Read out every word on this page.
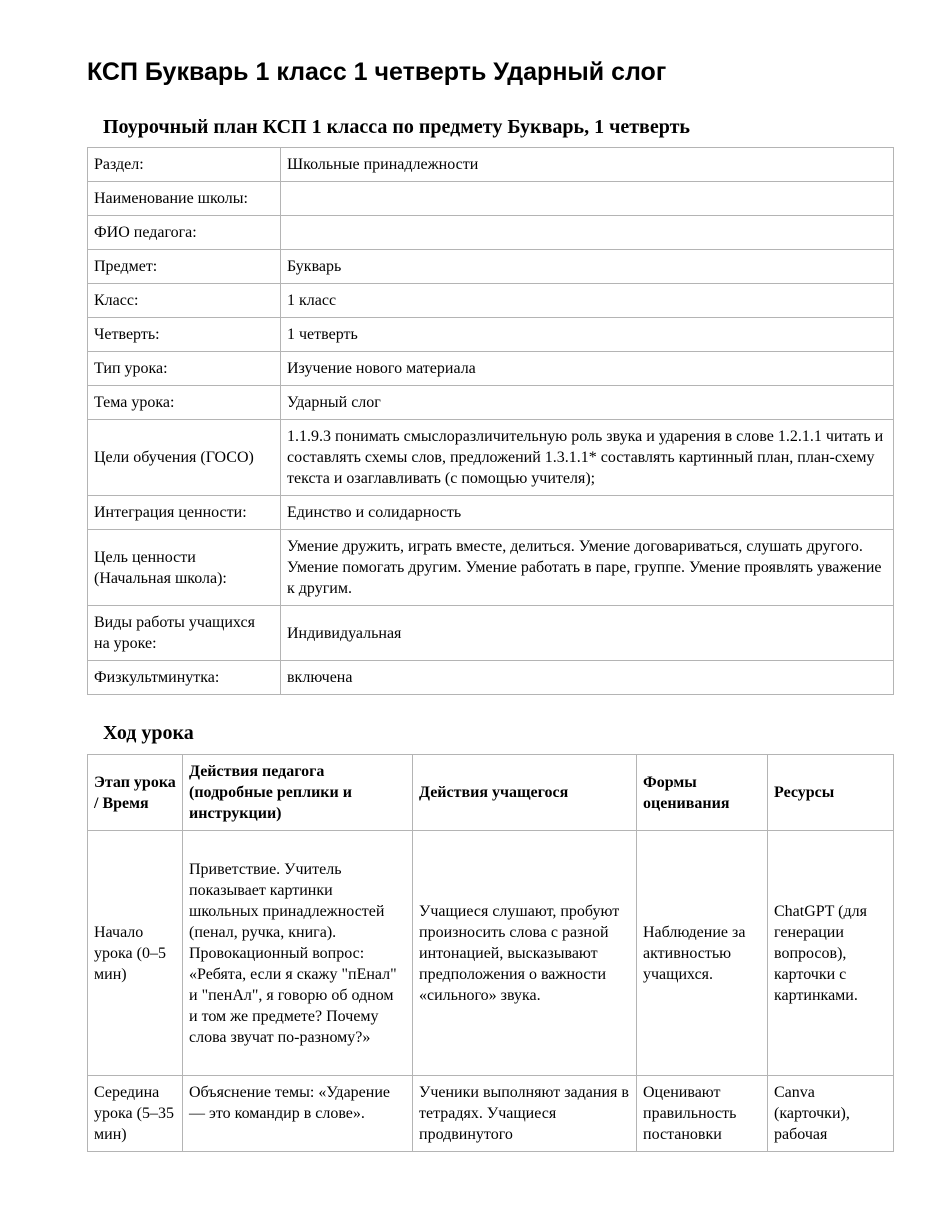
КСП Букварь 1 класс 1 четверть Ударный слог
Поурочный план КСП 1 класса по предмету Букварь, 1 четверть
Раздел:	Школьные принадлежности
Наименование школы:	
ФИО педагога:	
Предмет:	Букварь
Класс:	1 класс
Четверть:	1 четверть
Тип урока:	Изучение нового материала
Тема урока:	Ударный слог
Цели обучения (ГОСО)	1.1.9.3 понимать смыслоразличительную роль звука и ударения в слове 1.2.1.1 читать и составлять схемы слов, предложений 1.3.1.1* составлять картинный план, план-схему текста и озаглавливать (с помощью учителя);
Интеграция ценности:	Единство и солидарность
Цель ценности (Начальная школа):	Умение дружить, играть вместе, делиться. Умение договариваться, слушать другого. Умение помогать другим. Умение работать в паре, группе. Умение проявлять уважение к другим.
Виды работы учащихся на уроке:	Индивидуальная
Физкультминутка:	включена
Ход урока
Этап урока / Время	Действия педагога (подробные реплики и инструкции)	Действия учащегося	Формы оценивания	Ресурсы
Начало урока (0–5 мин)	Приветствие. Учитель показывает картинки школьных принадлежностей (пенал, ручка, книга). Провокационный вопрос: «Ребята, если я скажу "пЕнал" и "пенАл", я говорю об одном и том же предмете? Почему слова звучат по-разному?»	Учащиеся слушают, пробуют произносить слова с разной интонацией, высказывают предположения о важности «сильного» звука.	Наблюдение за активностью учащихся.	ChatGPT (для генерации вопросов), карточки с картинками.
Середина урока (5–35 мин)	Объяснение темы: «Ударение — это командир в слове».	Ученики выполняют задания в тетрадях. Учащиеся продвинутого	Оценивают правильность постановки	Canva (карточки), рабочая
